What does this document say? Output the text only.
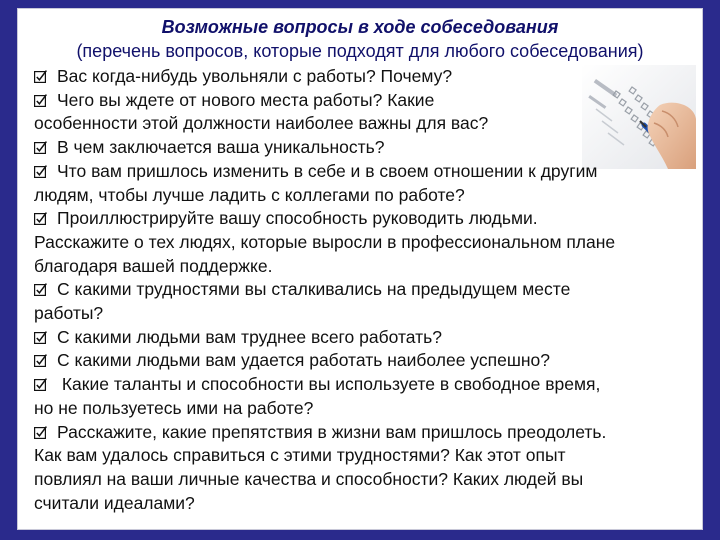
Возможные вопросы в ходе собеседования
(перечень вопросов, которые подходят для любого собеседования)
Вас когда-нибудь увольняли с работы? Почему?
Чего вы ждете от нового места работы? Какие
особенности этой должности наиболее важны для вас?
В чем заключается ваша уникальность?
Что вам пришлось изменить в себе и в своем отношении к другим
людям, чтобы лучше ладить с коллегами по работе?
Проиллюстрируйте вашу способность руководить людьми.
Расскажите о тех людях, которые выросли в профессиональном плане
благодаря вашей поддержке.
С какими трудностями вы сталкивались на предыдущем месте
работы?
С какими людьми вам труднее всего работать?
С какими людьми вам удается работать наиболее успешно?
Какие таланты и способности вы используете в свободное время,
но не пользуетесь ими на работе?
Расскажите, какие препятствия в жизни вам пришлось преодолеть.
Как вам удалось справиться с этими трудностями? Как этот опыт
повлиял на ваши личные качества и способности? Каких людей вы
считали идеалами?
